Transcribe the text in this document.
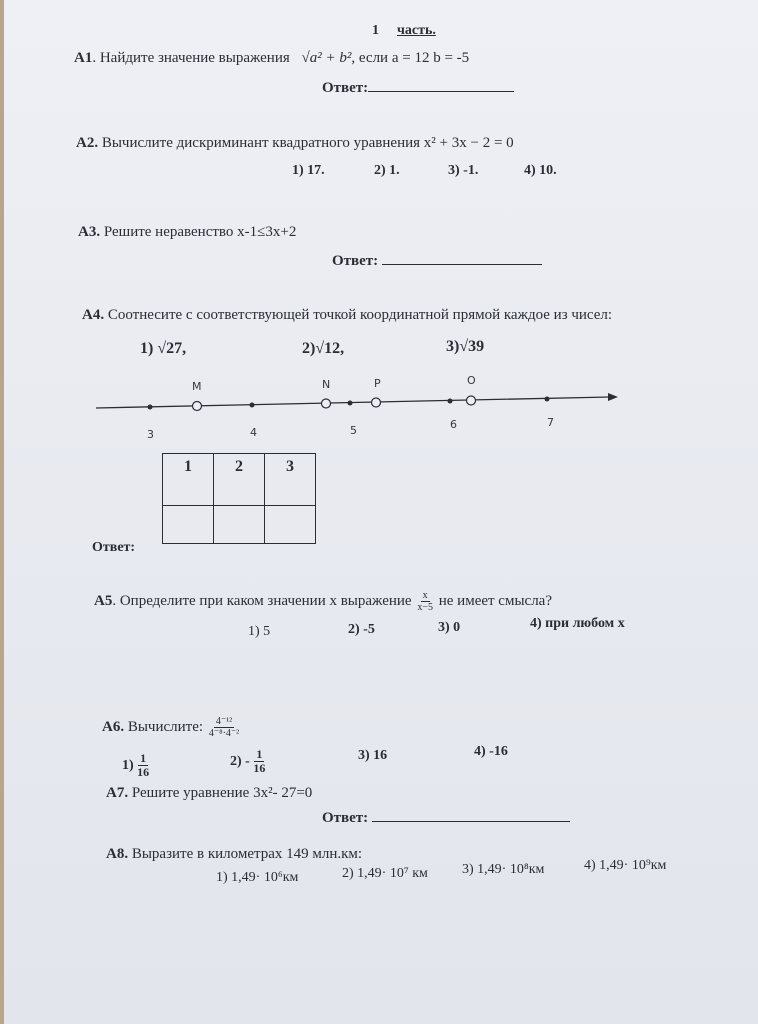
1 часть.
A1. Найдите значение выражения √a² + b², если a = 12 b = -5
Ответ:
A2. Вычислите дискриминант квадратного уравнения x² + 3x − 2 = 0
1) 17.	2) 1.	3) -1.	4) 10.
A3. Решите неравенство x-1≤3x+2
Ответ:
A4. Соотнесите с соответствующей точкой координатной прямой каждое из чисел:
1) √27,	2)√12,	3)√39
M	N	P	O
3	4	5	6	7
1	2	3

Ответ:
A5. Определите при каком значении x выражение $\frac{x}{x-5}$ не имеет смысла?
1) 5	2) -5	3) 0	4) при любом x
A6. Вычислите: $\frac{\text{4⁻¹²}}{\text{4⁻⁸·4⁻²}}$
$1) \frac{1}{16}$	$2) - \frac{1}{16}$	3) 16	4) -16
A7. Решите уравнение 3x²- 27=0
Ответ:
A8. Выразите в километрах 149 млн.км:
1) 1,49· 10⁶км	2) 1,49· 10⁷ км 3) 1,49· 10⁸км	4) 1,49· 10⁹км
